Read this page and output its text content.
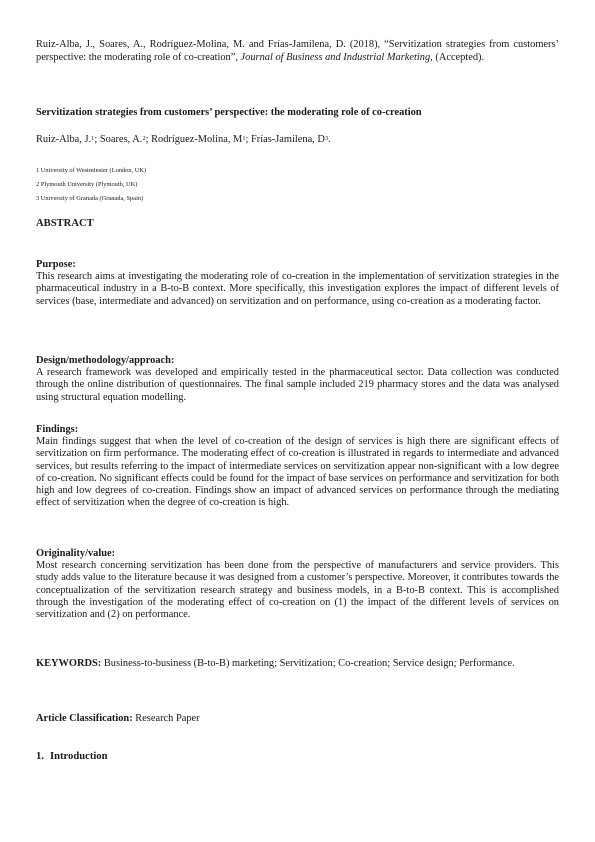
Ruiz-Alba, J., Soares, A., Rodríguez-Molina, M. and Frías-Jamilena, D. (2018), “Servitization strategies from customers’ perspective: the moderating role of co-creation”, Journal of Business and Industrial Marketing, (Accepted).
Servitization strategies from customers’ perspective: the moderating role of co-creation
Ruiz-Alba, J.$^1$; Soares, A.$^2$; Rodríguez-Molina, $M^1$; Frías-Jamilena, $D^3$.
1 University of Westminster (London, UK)
2 Plymouth University (Plymouth, UK)
3 University of Granada (Granada, Spain)
ABSTRACT
Purpose:
This research aims at investigating the moderating role of co-creation in the implementation of servitization strategies in the pharmaceutical industry in a B-to-B context. More specifically, this investigation explores the impact of different levels of services (base, intermediate and advanced) on servitization and on performance, using co-creation as a moderating factor.
Design/methodology/approach:
A research framework was developed and empirically tested in the pharmaceutical sector. Data collection was conducted through the online distribution of questionnaires. The final sample included 219 pharmacy stores and the data was analysed using structural equation modelling.
Findings:
Main findings suggest that when the level of co-creation of the design of services is high there are significant effects of servitization on firm performance. The moderating effect of co-creation is illustrated in regards to intermediate and advanced services, but results referring to the impact of intermediate services on servitization appear non-significant with a low degree of co-creation. No significant effects could be found for the impact of base services on performance and servitization for both high and low degrees of co-creation. Findings show an impact of advanced services on performance through the mediating effect of servitization when the degree of co-creation is high.
Originality/value:
Most research concerning servitization has been done from the perspective of manufacturers and service providers. This study adds value to the literature because it was designed from a customer’s perspective. Moreover, it contributes towards the conceptualization of the servitization research strategy and business models, in a B-to-B context. This is accomplished through the investigation of the moderating effect of co-creation on (1) the impact of the different levels of services on servitization and (2) on performance.
KEYWORDS: Business-to-business (B-to-B) marketing; Servitization; Co-creation; Service design; Performance.
Article Classification: Research Paper
1. Introduction
